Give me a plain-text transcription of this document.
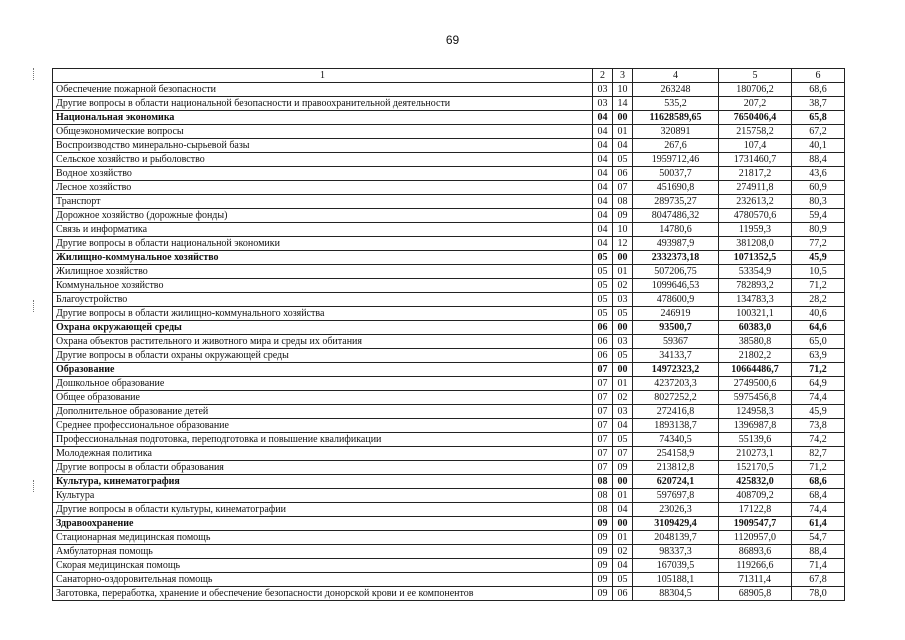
69
1	2	3	4	5	6
Обеспечение пожарной безопасности	03	10	263248	180706,2	68,6
Другие вопросы в области национальной безопасности и правоохранительной деятельности	03	14	535,2	207,2	38,7
Национальная экономика	04	00	11628589,65	7650406,4	65,8
Общеэкономические вопросы	04	01	320891	215758,2	67,2
Воспроизводство минерально-сырьевой базы	04	04	267,6	107,4	40,1
Сельское хозяйство и рыболовство	04	05	1959712,46	1731460,7	88,4
Водное хозяйство	04	06	50037,7	21817,2	43,6
Лесное хозяйство	04	07	451690,8	274911,8	60,9
Транспорт	04	08	289735,27	232613,2	80,3
Дорожное хозяйство (дорожные фонды)	04	09	8047486,32	4780570,6	59,4
Связь и информатика	04	10	14780,6	11959,3	80,9
Другие вопросы в области национальной экономики	04	12	493987,9	381208,0	77,2
Жилищно-коммунальное хозяйство	05	00	2332373,18	1071352,5	45,9
Жилищное хозяйство	05	01	507206,75	53354,9	10,5
Коммунальное хозяйство	05	02	1099646,53	782893,2	71,2
Благоустройство	05	03	478600,9	134783,3	28,2
Другие вопросы в области жилищно-коммунального хозяйства	05	05	246919	100321,1	40,6
Охрана окружающей среды	06	00	93500,7	60383,0	64,6
Охрана объектов растительного и животного мира и среды их обитания	06	03	59367	38580,8	65,0
Другие вопросы в области охраны окружающей среды	06	05	34133,7	21802,2	63,9
Образование	07	00	14972323,2	10664486,7	71,2
Дошкольное образование	07	01	4237203,3	2749500,6	64,9
Общее образование	07	02	8027252,2	5975456,8	74,4
Дополнительное образование детей	07	03	272416,8	124958,3	45,9
Среднее профессиональное образование	07	04	1893138,7	1396987,8	73,8
Профессиональная подготовка, переподготовка и повышение квалификации	07	05	74340,5	55139,6	74,2
Молодежная политика	07	07	254158,9	210273,1	82,7
Другие вопросы в области образования	07	09	213812,8	152170,5	71,2
Культура, кинематография	08	00	620724,1	425832,0	68,6
Культура	08	01	597697,8	408709,2	68,4
Другие вопросы в области культуры, кинематографии	08	04	23026,3	17122,8	74,4
Здравоохранение	09	00	3109429,4	1909547,7	61,4
Стационарная медицинская помощь	09	01	2048139,7	1120957,0	54,7
Амбулаторная помощь	09	02	98337,3	86893,6	88,4
Скорая медицинская помощь	09	04	167039,5	119266,6	71,4
Санаторно-оздоровительная помощь	09	05	105188,1	71311,4	67,8
Заготовка, переработка, хранение и обеспечение безопасности донорской крови и ее компонентов	09	06	88304,5	68905,8	78,0
